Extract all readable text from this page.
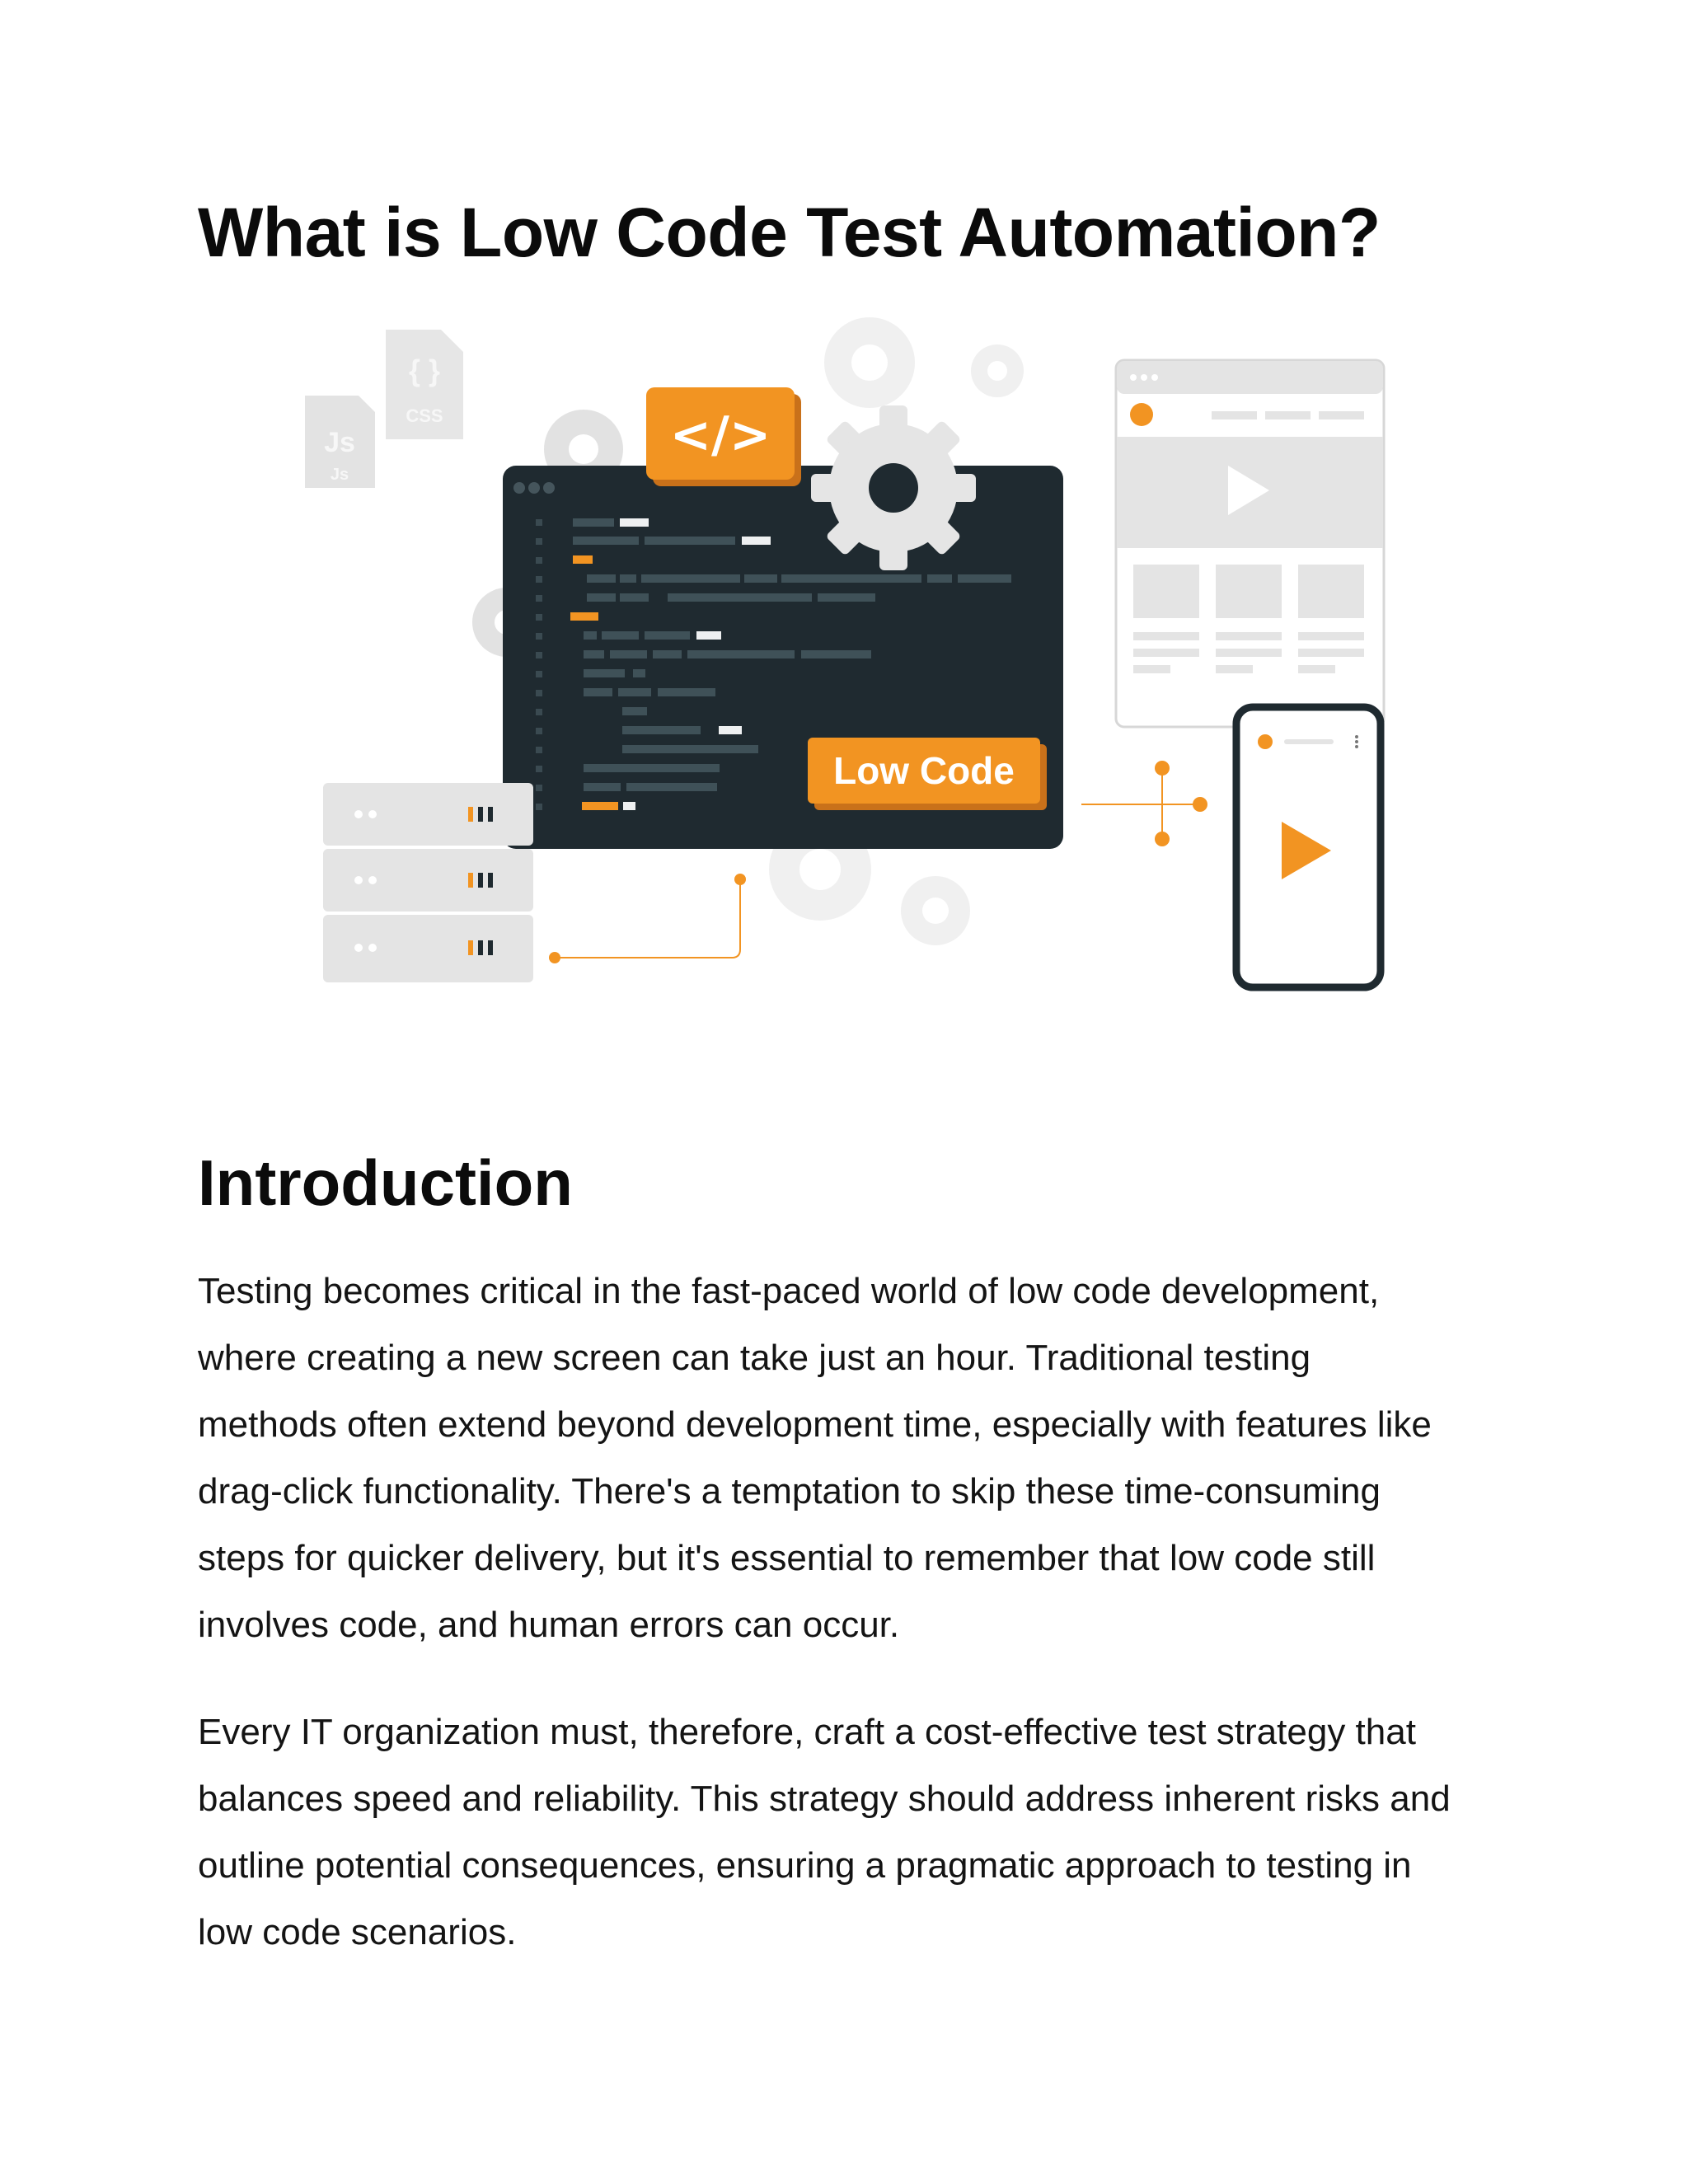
What is Low Code Test Automation?
Js
Js
{ }
CSS	</>
Low Code
Introduction

Testing becomes critical in the fast-paced world of low code development,
where creating a new screen can take just an hour. Traditional testing
methods often extend beyond development time, especially with features like
drag-click functionality. There's a temptation to skip these time-consuming
steps for quicker delivery, but it's essential to remember that low code still
involves code, and human errors can occur.

Every IT organization must, therefore, craft a cost-effective test strategy that
balances speed and reliability. This strategy should address inherent risks and
outline potential consequences, ensuring a pragmatic approach to testing in
low code scenarios.
